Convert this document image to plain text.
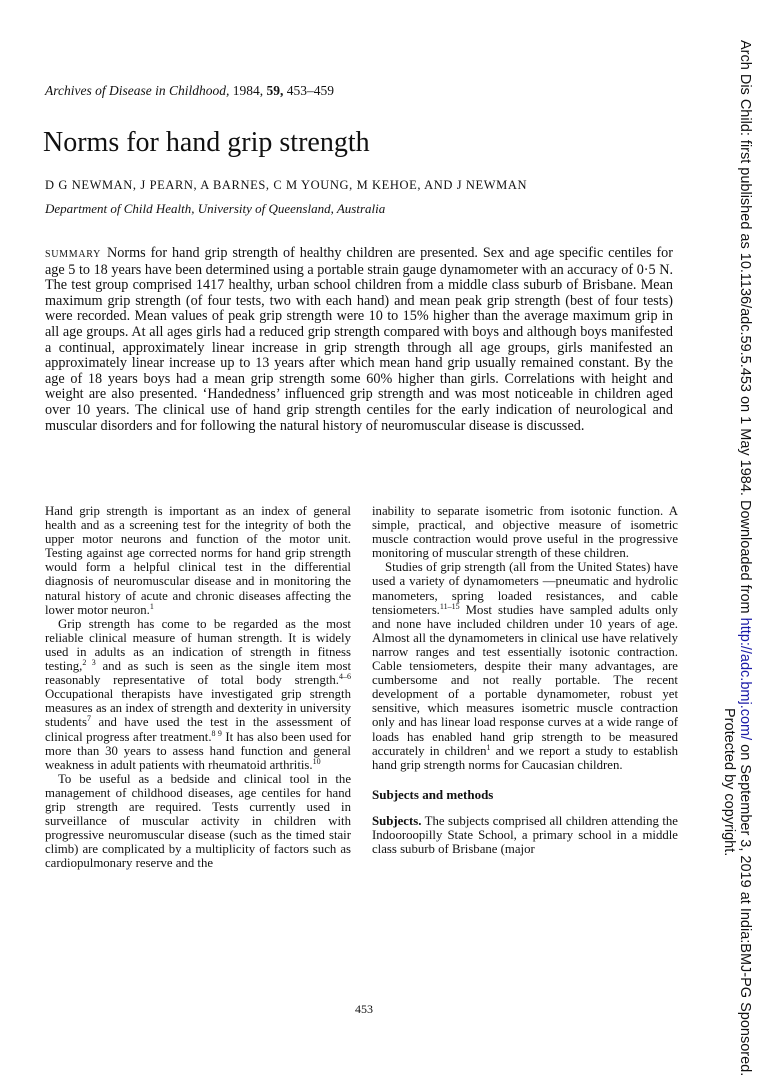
Archives of Disease in Childhood, 1984, 59, 453–459
Norms for hand grip strength
D G NEWMAN, J PEARN, A BARNES, C M YOUNG, M KEHOE, AND J NEWMAN
Department of Child Health, University of Queensland, Australia

SUMMARY Norms for hand grip strength of healthy children are presented. Sex and age specific centiles for age 5 to 18 years have been determined using a portable strain gauge dynamometer with an accuracy of 0·5 N. The test group comprised 1417 healthy, urban school children from a middle class suburb of Brisbane. Mean maximum grip strength (of four tests, two with each hand) and mean peak grip strength (best of four tests) were recorded. Mean values of peak grip strength were 10 to 15% higher than the average maximum grip in all age groups. At all ages girls had a reduced grip strength compared with boys and although boys manifested a continual, approximately linear increase in grip strength through all age groups, girls manifested an approximately linear increase up to 13 years after which mean hand grip usually remained constant. By the age of 18 years boys had a mean grip strength some 60% higher than girls. Correlations with height and weight are also presented. ‘Handedness’ influenced grip strength and was most noticeable in children aged over 10 years. The clinical use of hand grip strength centiles for the early indication of neurological and muscular disorders and for following the natural history of neuromuscular disease is discussed.

Hand grip strength is important as an index of general health and as a screening test for the integrity of both the upper motor neurons and function of the motor unit. Testing against age corrected norms for hand grip strength would form a helpful clinical test in the differential diagnosis of neuromuscular disease and in monitoring the natural history of acute and chronic diseases affecting the lower motor neuron.$^1$

Grip strength has come to be regarded as the most reliable clinical measure of human strength. It is widely used in adults as an indication of strength in fitness testing,$^{2 3}$ and as such is seen as the single item most reasonably representative of total body strength.$^{4-6}$ Occupational therapists have investigated grip strength measures as an index of strength and dexterity in university students$^7$ and have used the test in the assessment of clinical progress after treatment.$^{8 9}$ It has also been used for more than 30 years to assess hand function and general weakness in adult patients with rheumatoid arthritis.$^{10}$

To be useful as a bedside and clinical tool in the management of childhood diseases, age centiles for hand grip strength are required. Tests currently used in surveillance of muscular activity in children with progressive neuromuscular disease (such as the timed stair climb) are complicated by a multiplicity of factors such as cardiopulmonary reserve and the

inability to separate isometric from isotonic function. A simple, practical, and objective measure of isometric muscle contraction would prove useful in the progressive monitoring of muscular strength of these children.

Studies of grip strength (all from the United States) have used a variety of dynamometers —pneumatic and hydrolic manometers, spring loaded resistances, and cable tensiometers.$^{11-15}$ Most studies have sampled adults only and none have included children under 10 years of age. Almost all the dynamometers in clinical use have relatively narrow ranges and test essentially isotonic contraction. Cable tensiometers, despite their many advantages, are cumbersome and not really portable. The recent development of a portable dynamometer, robust yet sensitive, which measures isometric muscle contraction only and has linear load response curves at a wide range of loads has enabled hand grip strength to be measured accurately in children$^1$ and we report a study to establish hand grip strength norms for Caucasian children.

Subjects and methods

Subjects. The subjects comprised all children attending the Indooroopilly State School, a primary school in a middle class suburb of Brisbane (major

453
Arch Dis Child: first published as 10.1136/adc.59.5.453 on 1 May 1984. Downloaded from http://adc.bmj.com/ on September 3, 2019 at India:BMJ-PG Sponsored.
Protected by copyright.
